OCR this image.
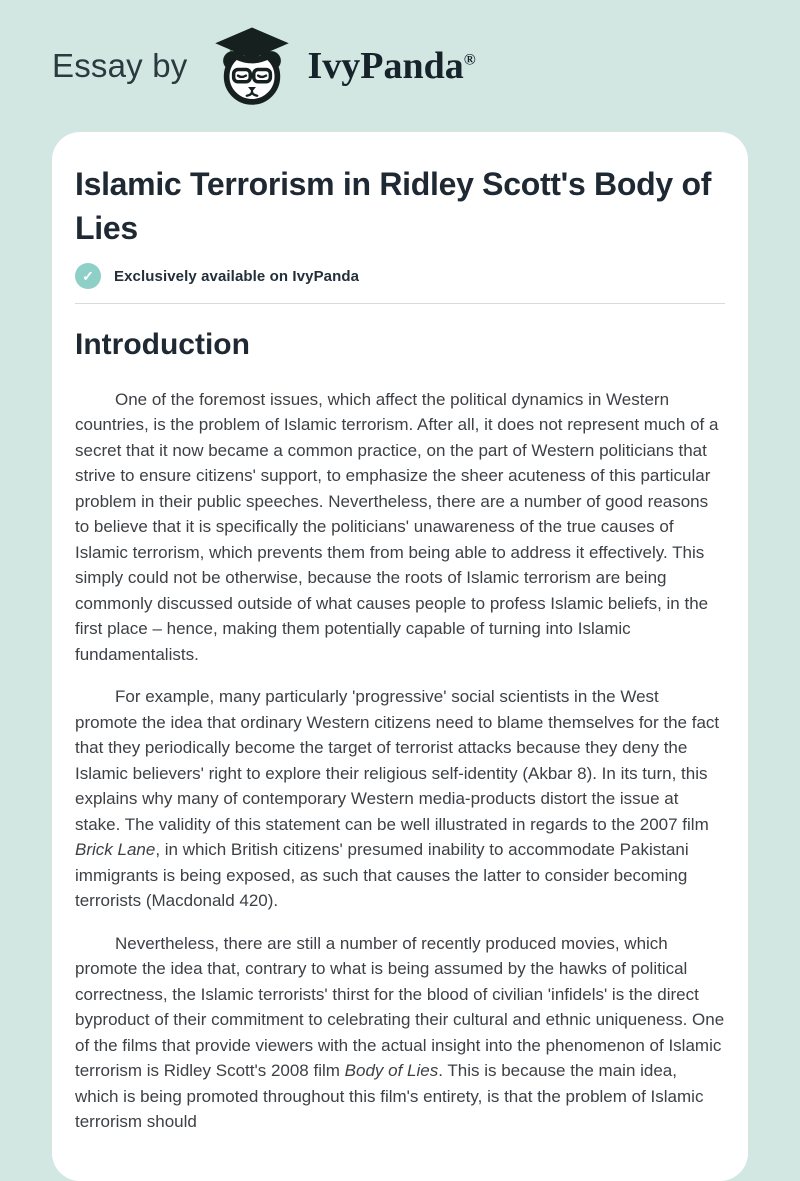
Essay by	IvyPanda®
Islamic Terrorism in Ridley Scott's Body of Lies
✓	Exclusively available on IvyPanda
Introduction

One of the foremost issues, which affect the political dynamics in Western countries, is the problem of Islamic terrorism. After all, it does not represent much of a secret that it now became a common practice, on the part of Western politicians that strive to ensure citizens' support, to emphasize the sheer acuteness of this particular problem in their public speeches. Nevertheless, there are a number of good reasons to believe that it is specifically the politicians' unawareness of the true causes of Islamic terrorism, which prevents them from being able to address it effectively. This simply could not be otherwise, because the roots of Islamic terrorism are being commonly discussed outside of what causes people to profess Islamic beliefs, in the first place – hence, making them potentially capable of turning into Islamic fundamentalists.

For example, many particularly 'progressive' social scientists in the West promote the idea that ordinary Western citizens need to blame themselves for the fact that they periodically become the target of terrorist attacks because they deny the Islamic believers' right to explore their religious self-identity (Akbar 8). In its turn, this explains why many of contemporary Western media-products distort the issue at stake. The validity of this statement can be well illustrated in regards to the 2007 film Brick Lane, in which British citizens' presumed inability to accommodate Pakistani immigrants is being exposed, as such that causes the latter to consider becoming terrorists (Macdonald 420).

Nevertheless, there are still a number of recently produced movies, which promote the idea that, contrary to what is being assumed by the hawks of political correctness, the Islamic terrorists' thirst for the blood of civilian 'infidels' is the direct byproduct of their commitment to celebrating their cultural and ethnic uniqueness. One of the films that provide viewers with the actual insight into the phenomenon of Islamic terrorism is Ridley Scott's 2008 film Body of Lies. This is because the main idea, which is being promoted throughout this film's entirety, is that the problem of Islamic terrorism should
